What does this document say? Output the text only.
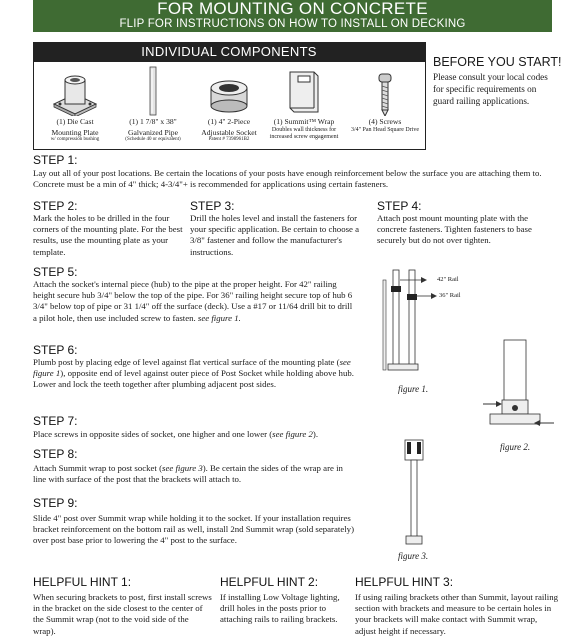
FOR MOUNTING ON CONCRETE
FLIP FOR INSTRUCTIONS ON HOW TO INSTALL ON DECKING
INDIVIDUAL COMPONENTS
(1) Die Cast
Mounting Plate
w/ compression bushing
(1) 1 7/8" x 38"
Galvanized Pipe
(Schedule 40 or equivalent)
(1) 4" 2-Piece
Adjustable Socket
Patent # 7398961B2
(1) Summit™ Wrap
Doubles wall thickness for
increased screw engagement
(4) Screws
3/4" Pan Head Square Drive
BEFORE YOU START!
Please consult your local codes for specific requirements on guard railing applications.
STEP 1:
Lay out all of your post locations. Be certain the locations of your posts have enough reinforcement below the surface you are attaching them to. Concrete must be a min of 4" thick; 4-3/4"+ is recommended for applications using certain fasteners.
STEP 2:
Mark the holes to be drilled in the four corners of the mounting plate. For the best results, use the mounting plate as your template.
STEP 3:
Drill the holes level and install the fasteners for your specific application. Be certain to choose a 3/8" fastener and follow the manufacturer's instructions.
STEP 4:
Attach post mount mounting plate with the concrete fasteners. Tighten fasteners to base securely but do not over tighten.
STEP 5:
Attach the socket's internal piece (hub) to the pipe at the proper height. For 42" railing height secure hub 3/4" below the top of the pipe. For 36" railing height secure top of hub 6 3/4" below top of pipe or 31 1/4" off the surface (deck). Use a #17 or 11/64 drill bit to drill a pilot hole, then use included screw to fasten. see figure 1.
STEP 6:
Plumb post by placing edge of level against flat vertical surface of the mounting plate (see figure 1), opposite end of level against outer piece of Post Socket while holding above hub. Lower and lock the teeth together after plumbing adjacent post sides.
STEP 7:
Place screws in opposite sides of socket, one higher and one lower (see figure 2).
STEP 8:
Attach Summit wrap to post socket (see figure 3). Be certain the sides of the wrap are in line with surface of the post that the brackets will attach to.
STEP 9:
Slide 4" post over Summit wrap while holding it to the socket. If your installation requires bracket reinforcement on the bottom rail as well, install 2nd Summit wrap (sold separately) over post base prior to lowering the 4" post to the surface.
42" Rail
36" Rail
figure 1.
figure 2.
figure 3.
HELPFUL HINT 1:
When securing brackets to post, first install screws in the bracket on the side closest to the center of the Summit wrap (not to the void side of the wrap).
HELPFUL HINT 2:
If installing Low Voltage lighting, drill holes in the posts prior to attaching rails to railing brackets.
HELPFUL HINT 3:
If using railing brackets other than Summit, layout railing section with brackets and measure to be certain holes in your brackets will make contact with Summit wrap, adjust height if necessary.
